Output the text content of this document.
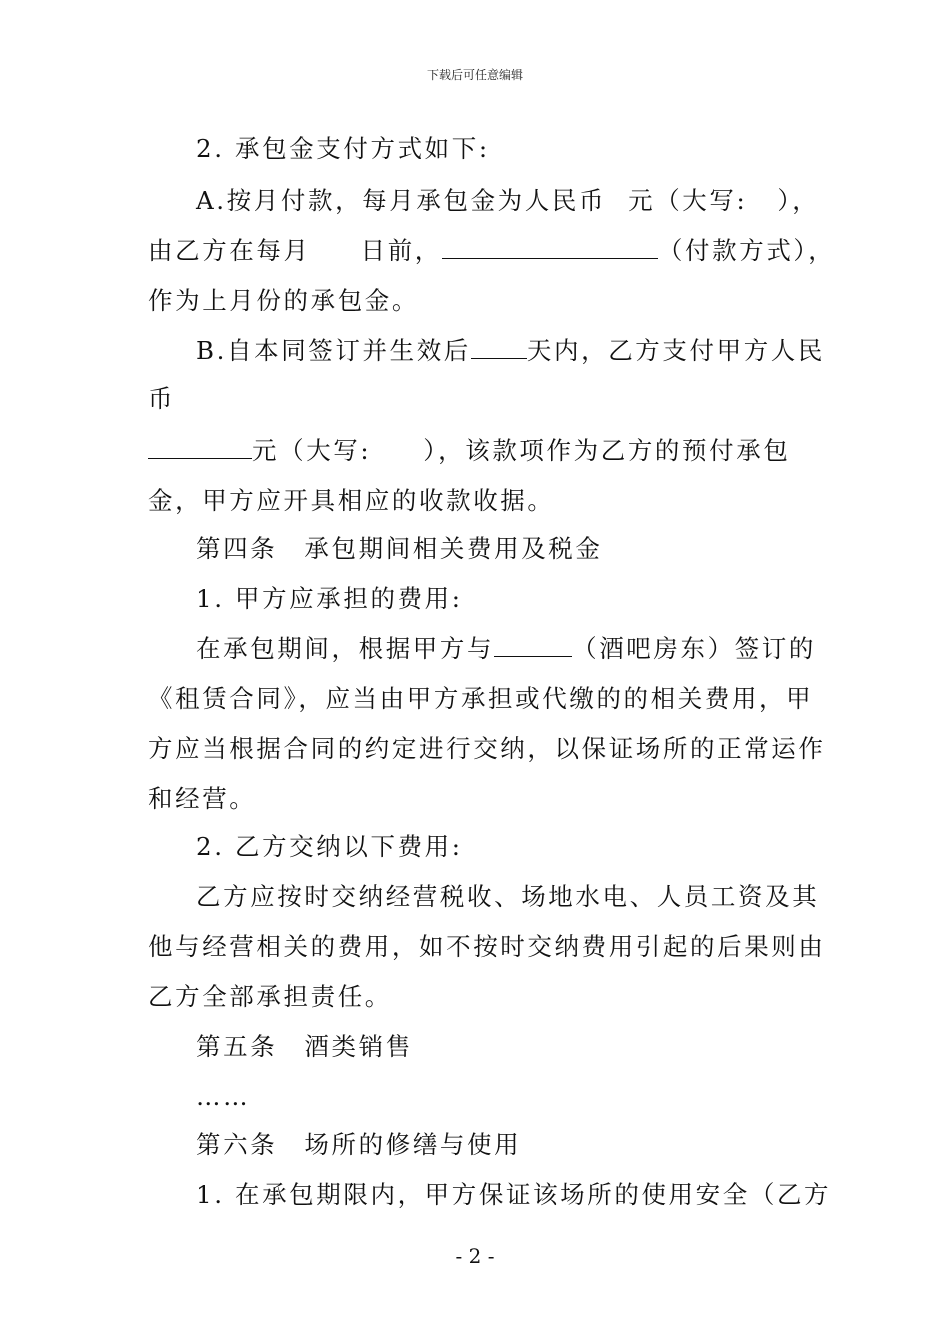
下载后可任意编辑
2. 承包金支付方式如下:
A.按月付款，每月承包金为人民币 元（大写: ），
由乙方在每月 日前，	（付款方式），
作为上月份的承包金。
B.自本同签订并生效后 天内，乙方支付甲方人民
币
元（大写: ），该款项作为乙方的预付承包
金，甲方应开具相应的收款收据。
第四条　承包期间相关费用及税金
1. 甲方应承担的费用:
在承包期间，根据甲方与	（酒吧房东）签订的
《租赁合同》，应当由甲方承担或代缴的的相关费用，甲
方应当根据合同的约定进行交纳，以保证场所的正常运作
和经营。
2. 乙方交纳以下费用:
乙方应按时交纳经营税收、场地水电、人员工资及其
他与经营相关的费用，如不按时交纳费用引起的后果则由
乙方全部承担责任。
第五条　酒类销售
……
第六条　场所的修缮与使用
1. 在承包期限内，甲方保证该场所的使用安全（乙方
- 2 -
